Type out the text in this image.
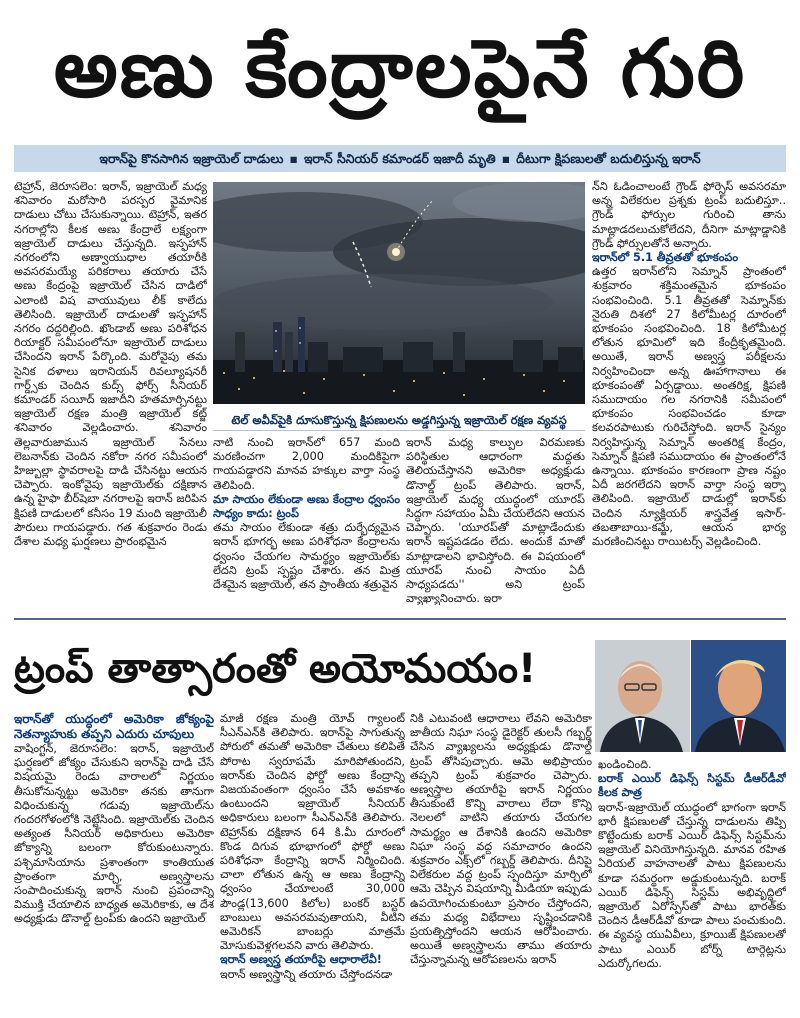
అణు కేంద్రాలపైనే గురి
ఇరాన్‌పై కొనసాగిన ఇజ్రాయెల్ దాడులు ▪ ఇరాన్ సీనియర్ కమాండర్ ఇజాదీ మృతి ▪ దీటుగా క్షిపణులతో బదులిస్తున్న ఇరాన్

టెహ్రాన్, జెరూసలెం: ఇరాన్, ఇజ్రాయెల్ మధ్య శనివారం మరోసారి పరస్పర వైమానిక దాడులు చోటు చేసుకున్నాయి. టెహ్రాన్, ఇతర నగరాల్లోని కీలక అణు కేంద్రాలే లక్ష్యంగా ఇజ్రాయెల్ దాడులు చేస్తున్నది. ఇస్ఫహాన్ నగరంలోని అణ్వాయుధాల తయారీకి అవసరమయ్యే పరికరాలు తయారు చేసే అణు కేంద్రంపై ఇజ్రాయెల్ చేసిన దాడిలో ఎలాంటి విష వాయువులు లీక్ కాలేదు తెలిసింది. ఇజ్రాయెల్ దాడులతో ఇస్ఫహాన్ నగరం దద్దరిల్లింది. ఖొండాబ్ అణు పరిశోధన రియాక్టర్ సమీపంలోనూ ఇజ్రాయెల్ దాడులు చేసిందని ఇరాన్ పేర్కొంది. మరోవైపు తమ సైనిక దళాలు ఇరానియన్ రివల్యూషనరీ గార్డ్స్‌కు చెందిన కుద్స్ ఫోర్స్ సీనియర్ కమాండర్ సయీద్ ఇజాదీని హతమార్చినట్టు ఇజ్రాయెల్ రక్షణ మంత్రి ఇజ్రాయెల్ కట్జ్ శనివారం వెల్లడించారు. శనివారం తెల్లవారుజామున ఇజ్రాయెల్ సేనలు లెబనాన్‌కు చెందిన నకోరా నగర సమీపంలో హిజ్బుల్లా స్థావరాలపై దాడి చేసినట్టు ఆయన చెప్పారు. ఇంకోవైపు ఇజ్రాయెల్‌కు దక్షిణాన ఉన్న హైఫా బీర్‌షెబా నగరాలపై ఇరాన్ జరిపిన క్షిపణి దాడులలో కనీసం 19 మంది ఇజ్రాయెలీ పౌరులు గాయపడ్డారు. గత శుక్రవారం రెండు దేశాల మధ్య ఘర్షణలు ప్రారంభమైన

టెల్ అవీవ్‌పైకి దూసుకొస్తున్న క్షిపణులను అడ్డగిస్తున్న ఇజ్రాయెల్ రక్షణ వ్యవస్థ

నాటి నుంచి ఇరాన్‌లో 657 మంది మరణించగా 2,000 మందికిపైగా గాయపడ్డారని మానవ హక్కుల వార్తా సంస్థ తెలిపింది.

మా సాయం లేకుండా అణు కేంద్రాల ధ్వంసం సాధ్యం కాదు: ట్రంప్

తమ సాయం లేకుండా శత్రు దుర్భేద్యమైన ఇరాన్ భూగర్భ అణు పరిశోధనా కేంద్రాలను ధ్వంసం చేయగల సామర్థ్యం ఇజ్రాయెల్‌కు లేదని ట్రంప్ స్పష్టం చేశారు. తన మిత్ర దేశమైన ఇజ్రాయెల్, తన ప్రాంతీయ శత్రువైన

ఇరాన్ మధ్య కాల్పుల విరమణకు పరిస్థితుల ఆధారంగా మద్దతు తెలియచేస్తానని అమెరికా అధ్యక్షుడు డొనాల్డ్ ట్రంప్ తెలిపారు. ఇరాన్, ఇజ్రాయెల్ మధ్య యుద్ధంలో యూరప్ సిద్ధగా సహాయం ఏమీ చేయలేదని ఆయన చెప్పారు. 'యూరప్‌తో మాట్లాడేందుకు ఇరాన్ ఇష్టపడడం లేదు. అందుకే మాతో మాట్లాడాలని భావిస్తోంది. ఈ విషయంలో యూరప్ నుంచి సాయం ఏదీ సాధ్యపడదు'' అని ట్రంప్ వ్యాఖ్యానించారు. ఇరా

న్‌ని ఓడించాలంటే గ్రౌండ్ ఫోర్సెస్ అవసరమా అన్న విలేకరుల ప్రశ్నకు ట్రంప్ బదులిస్తూ.. గ్రౌండ్ ఫోర్సుల గురించి తాను మాట్లాడదలుచుకోలేదని, దీనిగా మాట్లాడ్డానికి గ్రౌండ్ ఫోర్సులతోనే అన్నారు.

ఇరాన్‌లో 5.1 తీవ్రతతో భూకంపం

ఉత్తర ఇరాన్‌లోని సెమ్నాన్ ప్రాంతంలో శుక్రవారం శక్తిమంతమైన భూకంపం సంభవించింది. 5.1 తీవ్రతతో సెమ్నాన్‌కు నైరుతి దిశలో 27 కిలోమీటర్ల దూరంలో భూకంపం సంభవించింది. 18 కిలోమీటర్ల లోతున భూమిలో ఇది కేంద్రీకృతమైంది. అయితే, ఇరాన్ అణ్వస్త్ర పరీక్షలను నిర్వహించిందా అన్న ఊహాగానాలు ఈ భూకంపంతో ఏర్పడ్డాయి. అంతరిక్ష, క్షిపణి సముదాయం గల నగరానికి సమీపంలో భూకంపం సంభవించడం కూడా కలవరపాటుకు గురిచేస్తోంది. ఇరాన్ సైన్యం నిర్వహిస్తున్న సెమ్నాన్ అంతరిక్ష కేంద్రం, సెమ్నాన్ క్షిపణి సముదాయం ఈ ప్రాంతంలోనే ఉన్నాయి. భూకంపం కారణంగా ప్రాణ నష్టం ఏదీ జరగలేదని ఇరాన్ వార్తా సంస్థ ఇర్నా తెలిపింది. ఇజ్రాయెల్ దాడుల్లో ఇరాన్‌కు చెందిన న్యూక్లియర్ శాస్త్రవేత్త ఇసార్-తబతాబాయి-కమ్జే, ఆయన భార్య మరణించినట్టు రాయిటర్స్ వెల్లడించింది.

ట్రంప్ తాత్సారంతో అయోమయం!

ఇరాన్‌తో యుద్ధంలో అమెరికా జోక్యంపై నెతన్యాహుకు తప్పని ఎదురు చూపులు

వాషింగ్టన్, జెరూసలెం: ఇరాన్, ఇజ్రాయెల్ ఘర్షణలో జోక్యం చేసుకుని ఇరాన్‌పై దాడి చేసే విషయమై రెండు వారాలలో నిర్ణయం తీసుకోనున్నట్టు అమెరికా తనకు తానుగా విధించుకున్న గడువు ఇజ్రాయెల్‌ను గందరగోళంలోకి నెట్టేసింది. ఇజ్రాయెల్‌కు చెందిన అత్యంత సీనియర్ అధికారులు అమెరికా జోక్యాన్ని బలంగా కోరుకుంటున్నారు. పశ్చిమాసియాను ప్రశాంతంగా కాంతియుత ప్రాంతంగా మార్చి, అణ్వస్త్రాలను సంపాదించుకున్న ఇరాన్ నుంచి ప్రపంచాన్ని విముక్తి చేయాలిన బాధ్యత అమెరికాకు, ఆ దేశ అధ్యక్షుడు డొనాల్డ్ ట్రంప్‌కు ఉందని ఇజ్రాయెల్

మాజీ రక్షణ మంత్రి యోవ్ గ్యాలంట్ సీఎన్ఎన్‌కి తెలిపారు. ఇరాన్‌పై సాగుతున్న పోరులో తమతో అమెరికా చేతులు కలిపితే పోరాట స్వరూపమే మారిపోతుందని, ఇరాన్‌కు చెందిన ఫోర్డో అణు కేంద్రాన్ని విజయవంతంగా ధ్వంసం చేసే అవకాశం ఉంటుందని ఇజ్రాయెల్ సీనియర్ అధికారులు బలంగా సీఎన్ఎన్‌కి తెలిపారు. టెహ్రాన్‌కు దక్షిణాన 64 కి.మీ దూరంలో కొండ దిగువ భూభాగంలో ఫోర్డో అణు పరిశోధనా కేంద్రాన్ని ఇరాన్ నిర్మించింది. చాలా లోతున ఉన్న ఆ అణు కేంద్రాన్ని ధ్వంసం చేయాలంటే 30,000 పౌండ్ల(13,600 కిలోల) బంకర్ బస్టర్ బాంబులు అవసరమవుతాయని, వీటిని అమెరికన్ బాంబర్లు మాత్రమే మోసుకువెళ్లగలవని వారు తెలిపారు.

ఇరాన్ అణ్వస్త్ర తయారీపై ఆధారాలేవీ!

ఇరాన్ అణ్వస్త్రాన్ని తయారు చేస్తోందనడా

నికి ఎటువంటి ఆధారాలు లేవని అమెరికా జాతీయ నిఘా సంస్థ డైరెక్టర్ తులసీ గబ్బర్డ్ చేసిన వ్యాఖ్యలను అధ్యక్షుడు డొనాల్డ్ ట్రంప్ తోసిపుచ్చారు. ఆమె అభిప్రాయం తప్పని ట్రంప్ శుక్రవారం చెప్పారు. అణ్వస్త్రాల తయారీపై ఇరాన్ నిర్ణయం తీసుకుంటే కొన్ని వారాలు లేదా కొన్ని నెలలలో వాటిని తయారు చేయగల సామర్థ్యం ఆ దేశానికి ఉందని అమెరికా నిఘా సంస్థ వద్ద సమాచారం ఉందని శుక్రవారం ఎక్స్‌లో గబ్బర్డ్ తెలిపారు. దీనిపై విలేకరుల వద్ద ట్రంప్ స్పందిస్తూ మార్చిలో ఆమె చెప్పిన విషయాన్ని మీడియా ఇప్పుడు ఉపయోగించుకుంటూ ప్రసారం చేస్తోందని, తమ మధ్య విభేదాలు సృష్టించడానికి ప్రయత్నిస్తోందని ఆయన ఆరోపించారు. అయితే అణ్వస్త్రాలను తాము తయారు చేస్తున్నామన్న ఆరోపణలను ఇరాన్

ఖండించింది.

బరాక్ ఎయిర్ డిఫెన్స్ సిస్టమ్ డీఆర్‌డీవో కీలక పాత్ర

ఇరాన్-ఇజ్రాయెల్ యుద్ధంలో భాగంగా ఇరాన్ భారీ క్షిపణులతో చేస్తున్న దాడులను తిప్పి కొట్టేందుకు బరాక్ ఎయిర్ డిఫెన్స్ సిస్టమ్‌ను ఇజ్రాయెల్ వినియోగిస్తున్నది. మానవ రహిత ఏరియల్ వాహనాలతో పాటు క్షిపణులను కూడా సమర్థంగా అడ్డుకుంటున్నది. బరాక్ ఎయిర్ డిఫెన్స్ సిస్టమ్ అభివృద్ధిలో ఇజ్రాయెల్ ఏరోస్పేస్‌తో పాటు భారత్‌కు చెందిన డీఆర్‌డీవో కూడా పాలు పంచుకుంది. ఈ వ్యవస్థ యుఏవీలు, క్రూయిజ్ క్షిపణులతో పాటు ఎయిర్ బోర్న్ టార్గెట్లను ఎదుర్కోగలదు.
